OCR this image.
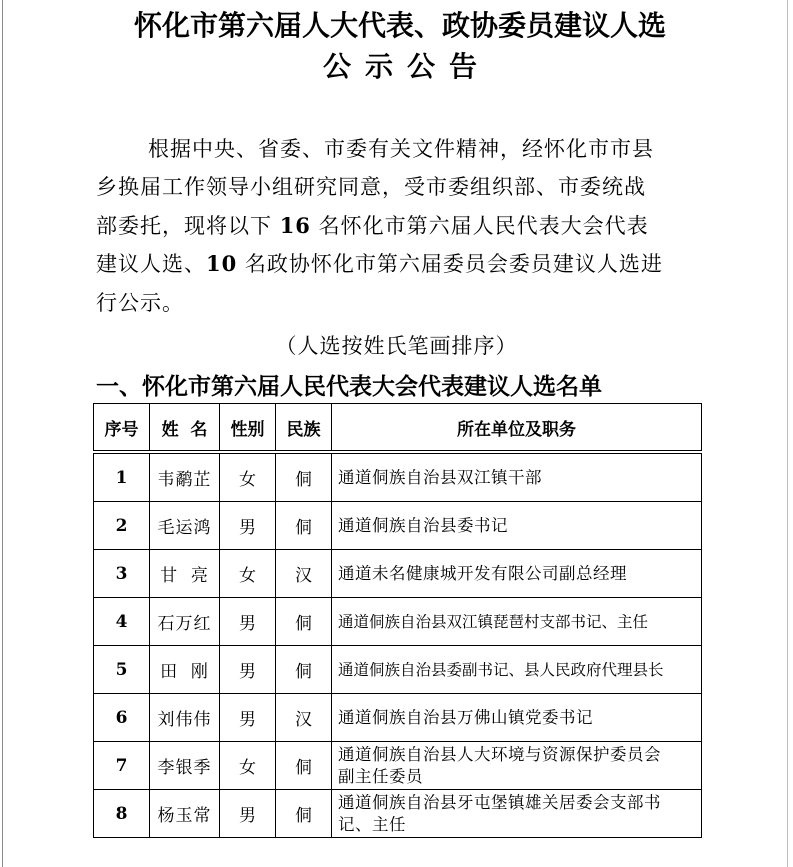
怀化市第六届人大代表、政协委员建议人选
公示公告
根据中央、省委、市委有关文件精神，经怀化市市县
乡换届工作领导小组研究同意，受市委组织部、市委统战
部委托，现将以下 16 名怀化市第六届人民代表大会代表
建议人选、10 名政协怀化市第六届委员会委员建议人选进
行公示。
（人选按姓氏笔画排序）
一、怀化市第六届人民代表大会代表建议人选名单
序号	姓  名	性别	民族	所在单位及职务
1	韦鹬芷	女	侗	通道侗族自治县双江镇干部
2	毛运鸿	男	侗	通道侗族自治县委书记
3	甘  亮	女	汉	通道未名健康城开发有限公司副总经理
4	石万红	男	侗	通道侗族自治县双江镇琵琶村支部书记、主任
5	田  刚	男	侗	通道侗族自治县委副书记、县人民政府代理县长
6	刘伟伟	男	汉	通道侗族自治县万佛山镇党委书记
7	李银季	女	侗	通道侗族自治县人大环境与资源保护委员会副主任委员
8	杨玉常	男	侗	通道侗族自治县牙屯堡镇雄关居委会支部书记、主任
